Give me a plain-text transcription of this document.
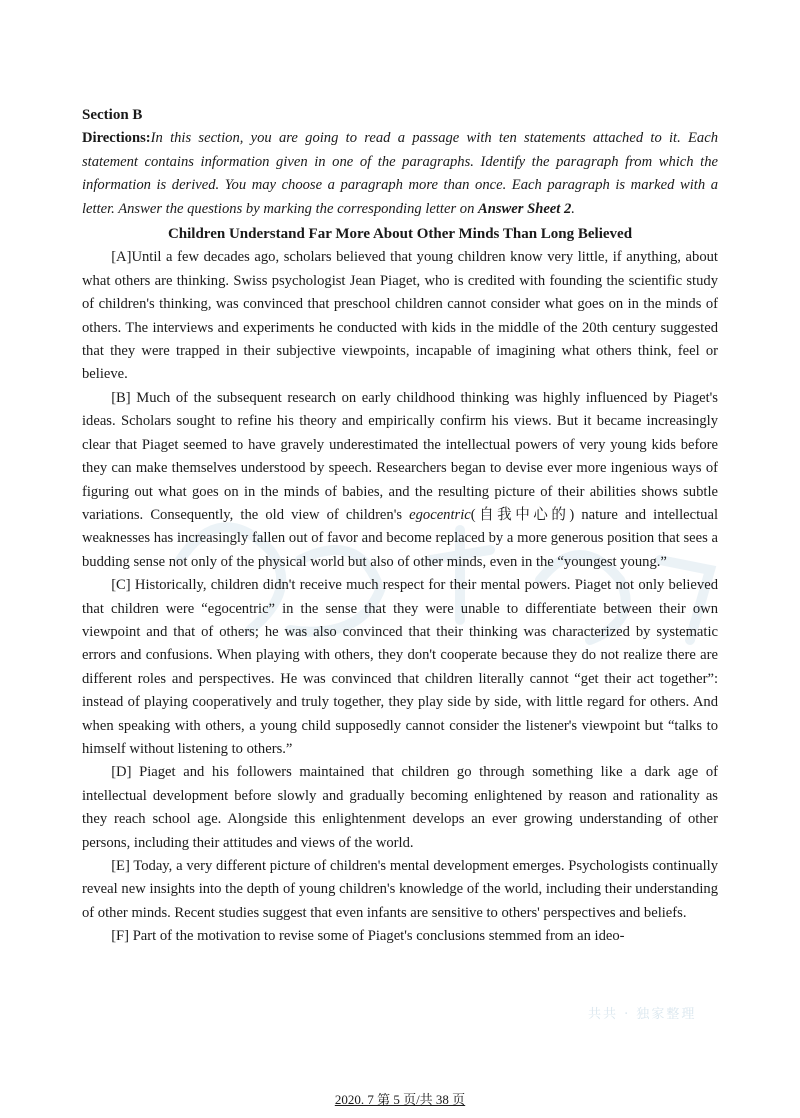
Section B

Directions:In this section, you are going to read a passage with ten statements attached to it. Each statement contains information given in one of the paragraphs. Identify the paragraph from which the information is derived. You may choose a paragraph more than once. Each paragraph is marked with a letter. Answer the questions by marking the corresponding letter on Answer Sheet 2.

Children Understand Far More About Other Minds Than Long Believed

[A]Until a few decades ago, scholars believed that young children know very little, if anything, about what others are thinking. Swiss psychologist Jean Piaget, who is credited with founding the scientific study of children's thinking, was convinced that preschool children cannot consider what goes on in the minds of others. The interviews and experiments he conducted with kids in the middle of the 20th century suggested that they were trapped in their subjective viewpoints, incapable of imagining what others think, feel or believe.

[B] Much of the subsequent research on early childhood thinking was highly influenced by Piaget's ideas. Scholars sought to refine his theory and empirically confirm his views. But it became increasingly clear that Piaget seemed to have gravely underestimated the intellectual powers of very young kids before they can make themselves understood by speech. Researchers began to devise ever more ingenious ways of figuring out what goes on in the minds of babies, and the resulting picture of their abilities shows subtle variations. Consequently, the old view of children's egocentric(自我中心的) nature and intellectual weaknesses has increasingly fallen out of favor and become replaced by a more generous position that sees a budding sense not only of the physical world but also of other minds, even in the “youngest young.”

[C] Historically, children didn't receive much respect for their mental powers. Piaget not only believed that children were “egocentric” in the sense that they were unable to differentiate between their own viewpoint and that of others; he was also convinced that their thinking was characterized by systematic errors and confusions. When playing with others, they don't cooperate because they do not realize there are different roles and perspectives. He was convinced that children literally cannot “get their act together”: instead of playing cooperatively and truly together, they play side by side, with little regard for others. And when speaking with others, a young child supposedly cannot consider the listener's viewpoint but “talks to himself without listening to others.”

[D] Piaget and his followers maintained that children go through something like a dark age of intellectual development before slowly and gradually becoming enlightened by reason and rationality as they reach school age. Alongside this enlightenment develops an ever growing understanding of other persons, including their attitudes and views of the world.

[E] Today, a very different picture of children's mental development emerges. Psychologists continually reveal new insights into the depth of young children's knowledge of the world, including their understanding of other minds. Recent studies suggest that even infants are sensitive to others' perspectives and beliefs.

[F] Part of the motivation to revise some of Piaget's conclusions stemmed from an ideo-

共共 · 独家整理
2020. 7 第 5 页/共 38 页
